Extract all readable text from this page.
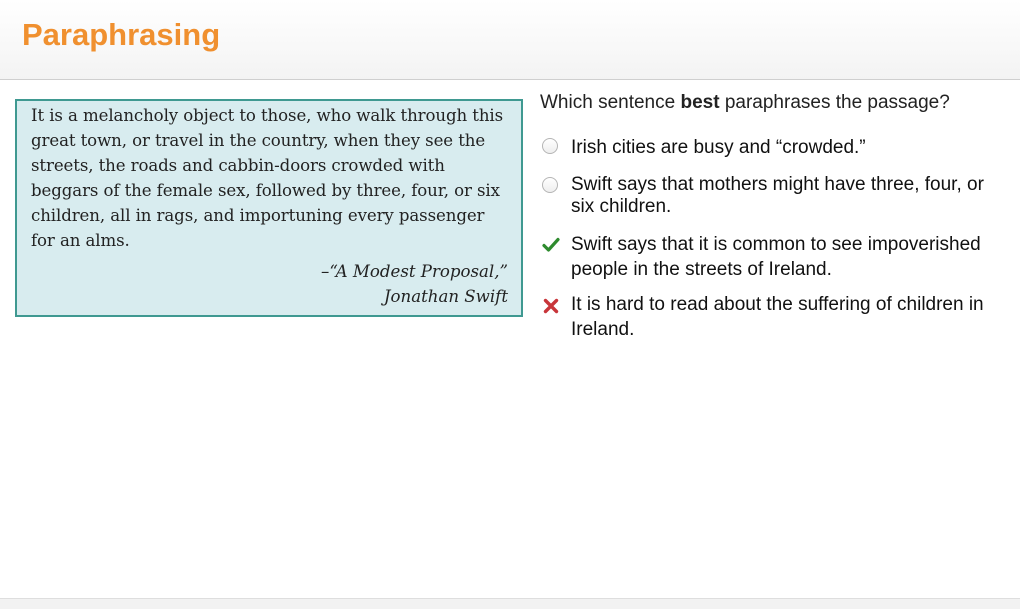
Paraphrasing

It is a melancholy object to those, who walk through this great town, or travel in the country, when they see the streets, the roads and cabbin-doors crowded with beggars of the female sex, followed by three, four, or six children, all in rags, and importuning every passenger for an alms.

–“A Modest Proposal,”
Jonathan Swift
Which sentence best paraphrases the passage?
Irish cities are busy and “crowded.”
Swift says that mothers might have three, four, or six children.
Swift says that it is common to see impoverished people in the streets of Ireland.
It is hard to read about the suffering of children in Ireland.
